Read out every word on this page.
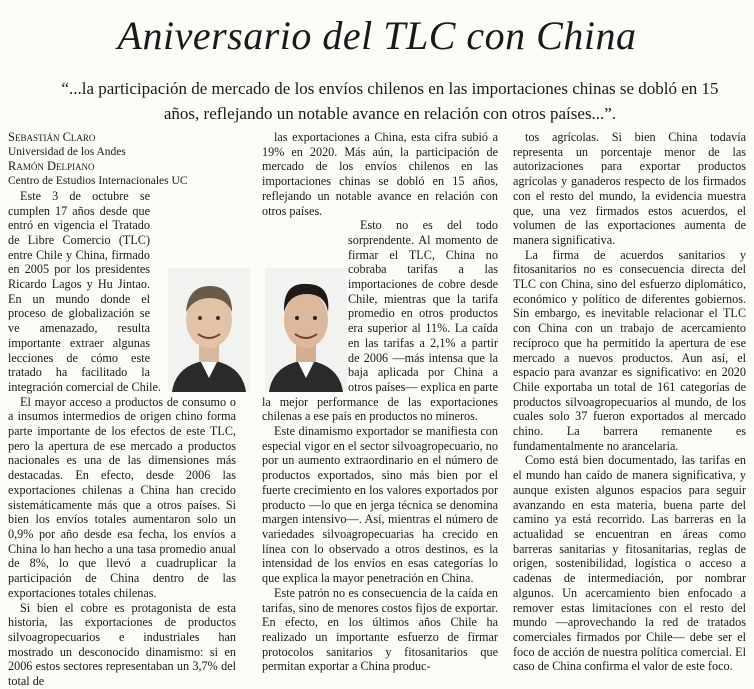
Aniversario del TLC con China
“...la participación de mercado de los envíos chilenos en las importaciones chinas se dobló en 15 años, reflejando un notable avance en relación con otros países...”.

Sebastián Claro

Universidad de los Andes

Ramón Delpiano

Centro de Estudios Internacionales UC

Este 3 de octubre se cumplen 17 años desde que entró en vigencia el Tratado de Libre Comercio (TLC) entre Chile y China, firmado en 2005 por los presidentes Ricardo Lagos y Hu Jintao. En un mundo donde el proceso de globalización se ve amenazado, resulta importante extraer algunas lecciones de cómo este tratado ha facilitado la integración comercial de Chile.

El mayor acceso a productos de consumo o a insumos intermedios de origen chino forma parte importante de los efectos de este TLC, pero la apertura de ese mercado a productos nacionales es una de las dimensiones más destacadas. En efecto, desde 2006 las exportaciones chilenas a China han crecido sistemáticamente más que a otros países. Si bien los envíos totales aumentaron solo un 0,9% por año desde esa fecha, los envíos a China lo han hecho a una tasa promedio anual de 8%, lo que llevó a cuadruplicar la participación de China dentro de las exportaciones totales chilenas.

Si bien el cobre es protagonista de esta historia, las exportaciones de productos silvoagropecuarios e industriales han mostrado un desconocido dinamismo: si en 2006 estos sectores representaban un 3,7% del total de

las exportaciones a China, esta cifra subió a 19% en 2020. Más aún, la participación de mercado de los envíos chilenos en las importaciones chinas se dobló en 15 años, reflejando un notable avance en relación con otros países.

Esto no es del todo sorprendente. Al momento de firmar el TLC, China no cobraba tarifas a las importaciones de cobre desde Chile, mientras que la tarifa promedio en otros productos era superior al 11%. La caída en las tarifas a 2,1% a partir de 2006 —más intensa que la baja aplicada por China a otros países— explica en parte la mejor performance de las exportaciones chilenas a ese país en productos no mineros.

Este dinamismo exportador se manifiesta con especial vigor en el sector silvoagropecuario, no por un aumento extraordinario en el número de productos exportados, sino más bien por el fuerte crecimiento en los valores exportados por producto —lo que en jerga técnica se denomina margen intensivo—. Así, mientras el número de variedades silvoagropecuarias ha crecido en línea con lo observado a otros destinos, es la intensidad de los envíos en esas categorías lo que explica la mayor penetración en China.

Este patrón no es consecuencia de la caída en tarifas, sino de menores costos fijos de exportar. En efecto, en los últimos años Chile ha realizado un importante esfuerzo de firmar protocolos sanitarios y fitosanitarios que permitan exportar a China produc-

tos agrícolas. Si bien China todavía representa un porcentaje menor de las autorizaciones para exportar productos agrícolas y ganaderos respecto de los firmados con el resto del mundo, la evidencia muestra que, una vez firmados estos acuerdos, el volumen de las exportaciones aumenta de manera significativa.

La firma de acuerdos sanitarios y fitosanitarios no es consecuencia directa del TLC con China, sino del esfuerzo diplomático, económico y político de diferentes gobiernos. Sin embargo, es inevitable relacionar el TLC con China con un trabajo de acercamiento recíproco que ha permitido la apertura de ese mercado a nuevos productos. Aun así, el espacio para avanzar es significativo: en 2020 Chile exportaba un total de 161 categorías de productos silvoagropecuarios al mundo, de los cuales solo 37 fueron exportados al mercado chino. La barrera remanente es fundamentalmente no arancelaria.

Como está bien documentado, las tarifas en el mundo han caído de manera significativa, y aunque existen algunos espacios para seguir avanzando en esta materia, buena parte del camino ya está recorrido. Las barreras en la actualidad se encuentran en áreas como barreras sanitarias y fitosanitarias, reglas de origen, sostenibilidad, logística o acceso a cadenas de intermediación, por nombrar algunos. Un acercamiento bien enfocado a remover estas limitaciones con el resto del mundo —aprovechando la red de tratados comerciales firmados por Chile— debe ser el foco de acción de nuestra política comercial. El caso de China confirma el valor de este foco.
